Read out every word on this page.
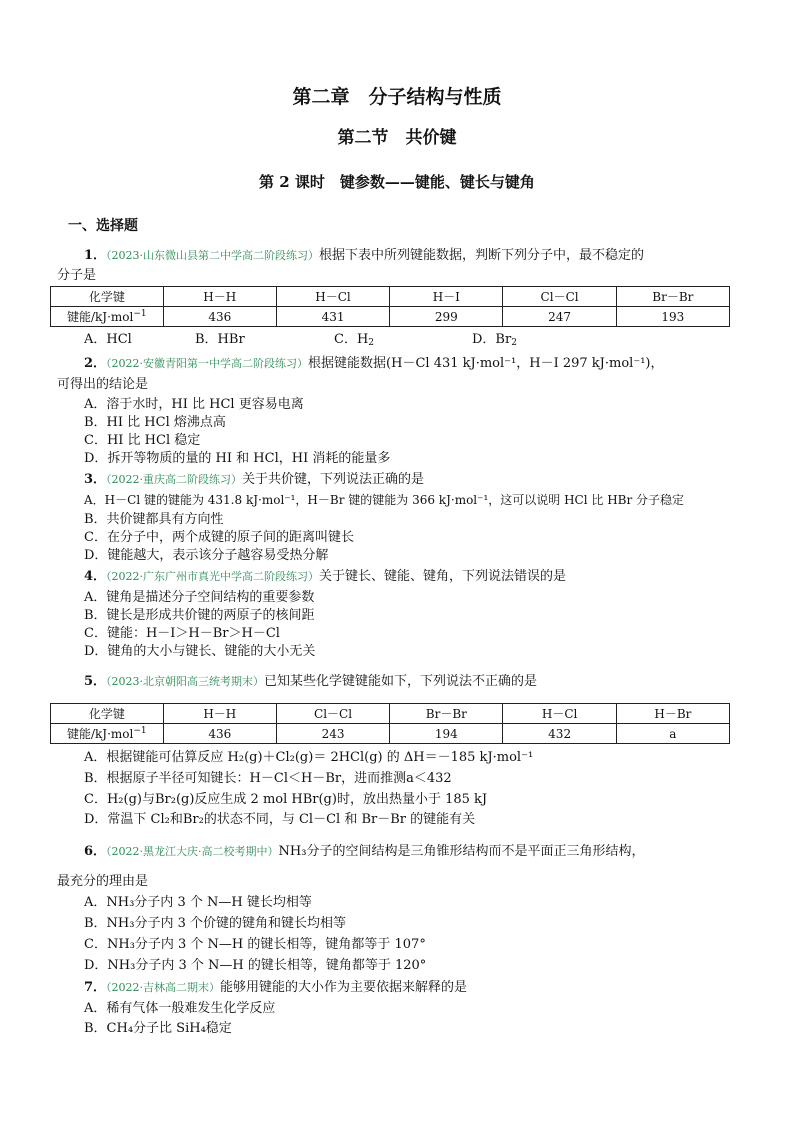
第二章　分子结构与性质
第二节　共价键
第 2 课时　键参数——键能、键长与键角
一、选择题
1．（2023·山东微山县第二中学高二阶段练习）根据下表中所列键能数据，判断下列分子中，最不稳定的
分子是
化学键	H－H	H－Cl	H－I	Cl－Cl	Br－Br
键能/kJ·mol$^{-1}$	436	431	299	247	193
A．HCl	B．HBr	C．$H_2$	D．$Br_2$
2．（2022·安徽青阳第一中学高二阶段练习）根据键能数据(H－Cl 431 kJ·mol⁻¹，H－I 297 kJ·mol⁻¹)，
可得出的结论是
A．溶于水时，HI 比 HCl 更容易电离
B．HI 比 HCl 熔沸点高
C．HI 比 HCl 稳定
D．拆开等物质的量的 HI 和 HCl，HI 消耗的能量多
3．（2022·重庆高二阶段练习）关于共价键，下列说法正确的是
A．H－Cl 键的键能为 431.8 kJ·mol⁻¹，H－Br 键的键能为 366 kJ·mol⁻¹，这可以说明 HCl 比 HBr 分子稳定
B．共价键都具有方向性
C．在分子中，两个成键的原子间的距离叫键长
D．键能越大，表示该分子越容易受热分解
4．（2022·广东广州市真光中学高二阶段练习）关于键长、键能、键角，下列说法错误的是
A．键角是描述分子空间结构的重要参数
B．键长是形成共价键的两原子的核间距
C．键能：H－I＞H－Br＞H－Cl
D．键角的大小与键长、键能的大小无关
5．（2023·北京朝阳高三统考期末）已知某些化学键键能如下，下列说法不正确的是
化学键	H－H	Cl－Cl	Br－Br	H－Cl	H－Br
键能/kJ·mol$^{-1}$	436	243	194	432	a
A．根据键能可估算反应 H₂(g)＋Cl₂(g)＝ 2HCl(g) 的 ΔH＝－185 kJ·mol⁻¹
B．根据原子半径可知键长：H－Cl＜H－Br，进而推测a＜432
C．H₂(g)与Br₂(g)反应生成 2 mol HBr(g)时，放出热量小于 185 kJ
D．常温下 Cl₂和Br₂的状态不同，与 Cl－Cl 和 Br－Br 的键能有关
6．（2022·黑龙江大庆·高二校考期中）NH₃分子的空间结构是三角锥形结构而不是平面正三角形结构，
最充分的理由是
A．NH₃分子内 3 个 N—H 键长均相等
B．NH₃分子内 3 个价键的键角和键长均相等
C．NH₃分子内 3 个 N—H 的键长相等，键角都等于 107°
D．NH₃分子内 3 个 N—H 的键长相等，键角都等于 120°
7．（2022·吉林高二期末）能够用键能的大小作为主要依据来解释的是
A．稀有气体一般难发生化学反应
B．CH₄分子比 SiH₄稳定
